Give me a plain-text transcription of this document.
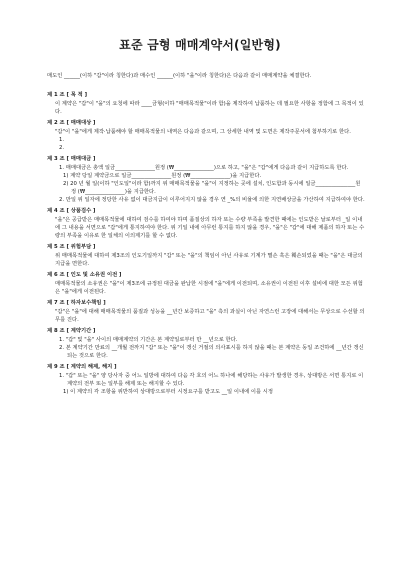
표준 금형 매매계약서(일반형)
매도인 ______(이하 "갑"이라 칭한다)과 매수인 ______(이하 "을"이라 칭한다)은 다음과 같이 매매계약을 체결한다.
제 1 조 [ 목 적 ]
이 계약은 "갑"이 "을"의 요청에 따라 ____금형(이하 "매매목적물"이라 함)을 제작하여 납품하는 데 필요한 사항을 정함에 그 목적이 있다.
제 2 조 [ 매매대상 ]
"갑"이 "을"에게 제작·납품해야 할 매매목적물의 내역은 다음과 같으며, 그 상세한 내역 및 도면은 제작주문서에 첨부하기로 한다.
1.
2.
제 3 조 [ 매매대금 ]
1. 매매대금은 총액 일금_______________원정 (₩_______________)으로 하고, "을"은 "갑"에게 다음과 같이 지급하도록 한다.
1) 계약 당일 계약금으로 일금_______________원정 (₩_______________)을 지급한다.
2) 20 년 월 일(이하 "인도일"이라 함)까지 위 매매목적물을 "을"이 지정하는 곳에 설치, 인도함과 동시에 일금_______________원정 (₩_______________)을 지급한다.
2. 만일 위 일자에 정당한 사유 없이 대금지급이 이루어지지 않을 경우 연 _%의 비율에 의한 지연배상금을 가산하여 지급하여야 한다.
제 4 조 [ 상품검수 ]
"을"은 공급받은 매매목적물에 대하여 검수를 하여야 하며 품질상의 하자 또는 수량 부족을 발견한 때에는 인도받은 날로부터 _일 이내에 그 내용을 서면으로 "갑"에게 통지하여야 한다. 위 기일 내에 아무런 통지를 하지 않을 경우, "을"은 "갑"에 대해 제품의 하자 또는 수량의 부족을 이유로 한 일체의 이의제기를 할 수 없다.
제 5 조 [ 위험부담 ]
위 매매목적물에 대하여 제3조의 인도기일까지 "갑" 또는 "을"의 책임이 아닌 사유로 기계가 멸손 혹은 훼손되었을 때는 "을"은 대금의 지급을 면한다.
제 6 조 [ 인도 및 소유권 이전 ]
매매목적물의 소유권은 "을"이 제3조에 규정된 대금을 완납한 시점에 "을"에게 이전되며, 소유권이 이전된 이후 설비에 대한 모든 위험은 "을"에게 이전된다.
제 7 조 [ 하자보수책임 ]
"갑"은 "을"에 대해 매매목적물의 품질과 성능을 __년간 보증하고 "을" 측의 과실이 아닌 자연스런 고장에 대해서는 무상으로 수선할 의무를 진다.
제 8 조 [ 계약기간 ]
1. "갑" 및 "을" 사이의 매매계약의 기간은 본 계약일로부터 만 __년으로 한다.
2. 본 계약기간 만료의 __개월 전까지 "갑" 또는 "을"이 갱신 거절의 의사표시를 하지 않을 때는 본 계약은 동일 조건하에 __년간 갱신되는 것으로 한다.
제 9 조 [ 계약의 해제, 해지 ]
1. "갑" 또는 "을" 양 당사자 중 어느 일방에 대하여 다음 각 호의 어느 하나에 해당하는 사유가 발생한 경우, 상대방은 서면 통지로 이 계약의 전부 또는 일부를 해제 또는 해지할 수 있다.
1) 이 계약의 각 조항을 위반하여 상대방으로부터 시정요구를 받고도 __일 이내에 이를 시정
